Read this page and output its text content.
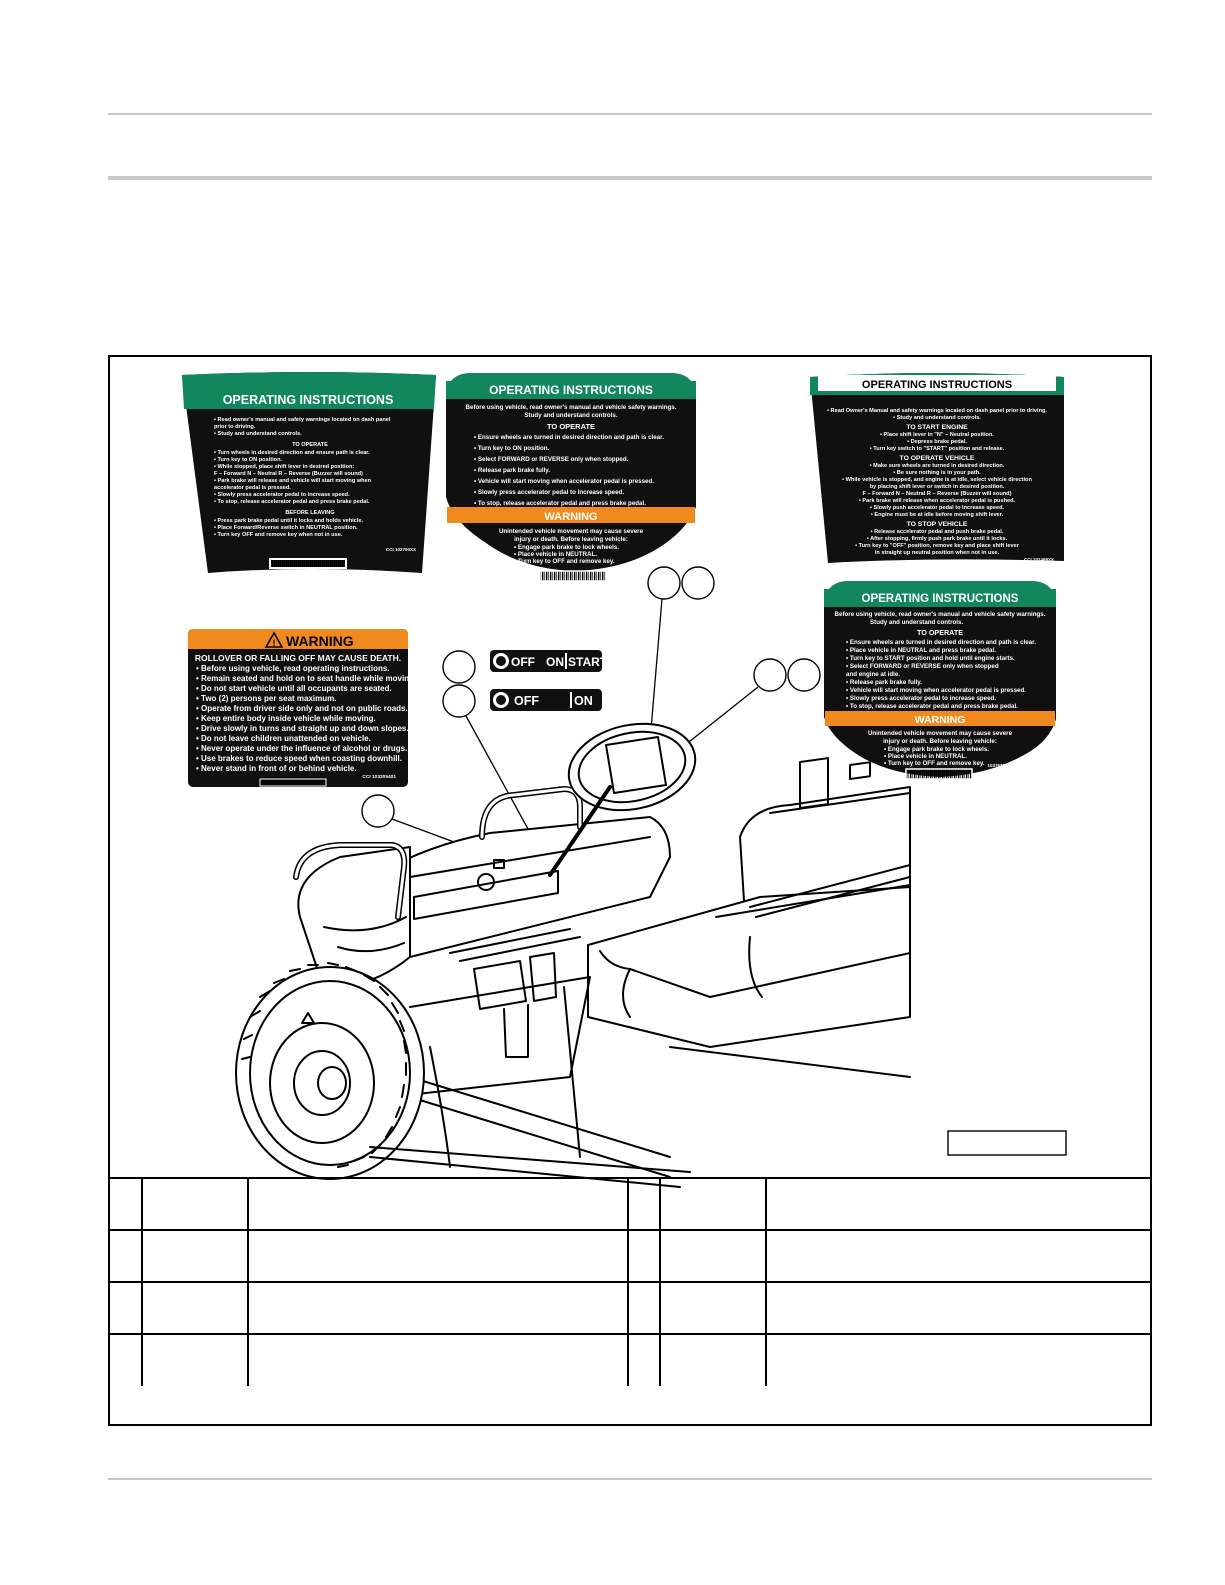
OPERATING INSTRUCTIONS
• Read owner's manual and safety warnings located on dash panel
prior to driving.
• Study and understand controls.
TO OPERATE
• Turn wheels in desired direction and ensure path is clear.
• Turn key to ON position.
• While stopped, place shift lever in desired position:
F – Forward N – Neutral R – Reverse (Buzzer will sound)
• Park brake will release and vehicle will start moving when
accelerator pedal is pressed.
• Slowly press accelerator pedal to increase speed.
• To stop, release accelerator pedal and press brake pedal.
BEFORE LEAVING
• Press park brake pedal until it locks and holds vehicle.
• Place Forward/Reverse switch in NEUTRAL position.
• Turn key OFF and remove key when not in use.
CCI 102700XX
OPERATING INSTRUCTIONS
Before using vehicle, read owner's manual and vehicle safety warnings.
Study and understand controls.
TO OPERATE
• Ensure wheels are turned in desired direction and path is clear.
• Turn key to ON position.
• Select FORWARD or REVERSE only when stopped.
• Release park brake fully.
• Vehicle will start moving when accelerator pedal is pressed.
• Slowly press accelerator pedal to increase speed.
• To stop, release accelerator pedal and press brake pedal.
WARNING
Unintended vehicle movement may cause severe
injury or death. Before leaving vehicle:
• Engage park brake to lock wheels.
• Place vehicle in NEUTRAL.
• Turn key to OFF and remove key.
103763092
OPERATING INSTRUCTIONS
• Read Owner's Manual and safety warnings located on dash panel prior to driving.
• Study and understand controls.
TO START ENGINE
• Place shift lever in "N" – Neutral position.
• Depress brake pedal.
• Turn key switch to "START" position and release.
TO OPERATE VEHICLE
• Make sure wheels are turned in desired direction.
• Be sure nothing is in your path.
• While vehicle is stopped, and engine is at idle, select vehicle direction
by placing shift lever or switch in desired position.
F – Forward N – Neutral R – Reverse (Buzzer will sound)
• Park brake will release when accelerator pedal is pushed.
• Slowly push accelerator pedal to increase speed.
• Engine must be at idle before moving shift lever.
TO STOP VEHICLE
• Release accelerator pedal and push brake pedal.
• After stopping, firmly push park brake until it locks.
• Turn key to "OFF" position, remove key and place shift lever
in straight up neutral position when not in use.
CCI 101469XX
OPERATING INSTRUCTIONS
Before using vehicle, read owner's manual and vehicle safety warnings.
Study and understand controls.
TO OPERATE
• Ensure wheels are turned in desired direction and path is clear.
• Place vehicle in NEUTRAL and press brake pedal.
• Turn key to START position and hold until engine starts.
• Select FORWARD or REVERSE only when stopped
and engine at idle.
• Release park brake fully.
• Vehicle will start moving when accelerator pedal is pressed.
• Slowly press accelerator pedal to increase speed.
• To stop, release accelerator pedal and press brake pedal.
WARNING
Unintended vehicle movement may cause severe
injury or death. Before leaving vehicle:
• Engage park brake to lock wheels.
• Place vehicle in NEUTRAL.
• Turn key to OFF and remove key. 103763093
! WARNING
ROLLOVER OR FALLING OFF MAY CAUSE DEATH.
• Before using vehicle, read operating instructions.
• Remain seated and hold on to seat handle while moving.
• Do not start vehicle until all occupants are seated.
• Two (2) persons per seat maximum.
• Operate from driver side only and not on public roads.
• Keep entire body inside vehicle while moving.
• Drive slowly in turns and straight up and down slopes.
• Do not leave children unattended on vehicle.
• Never operate under the influence of alcohol or drugs.
• Use brakes to reduce speed when coasting downhill.
• Never stand in front of or behind vehicle.
CCI 103205401
OFF ON START
OFF	ON
